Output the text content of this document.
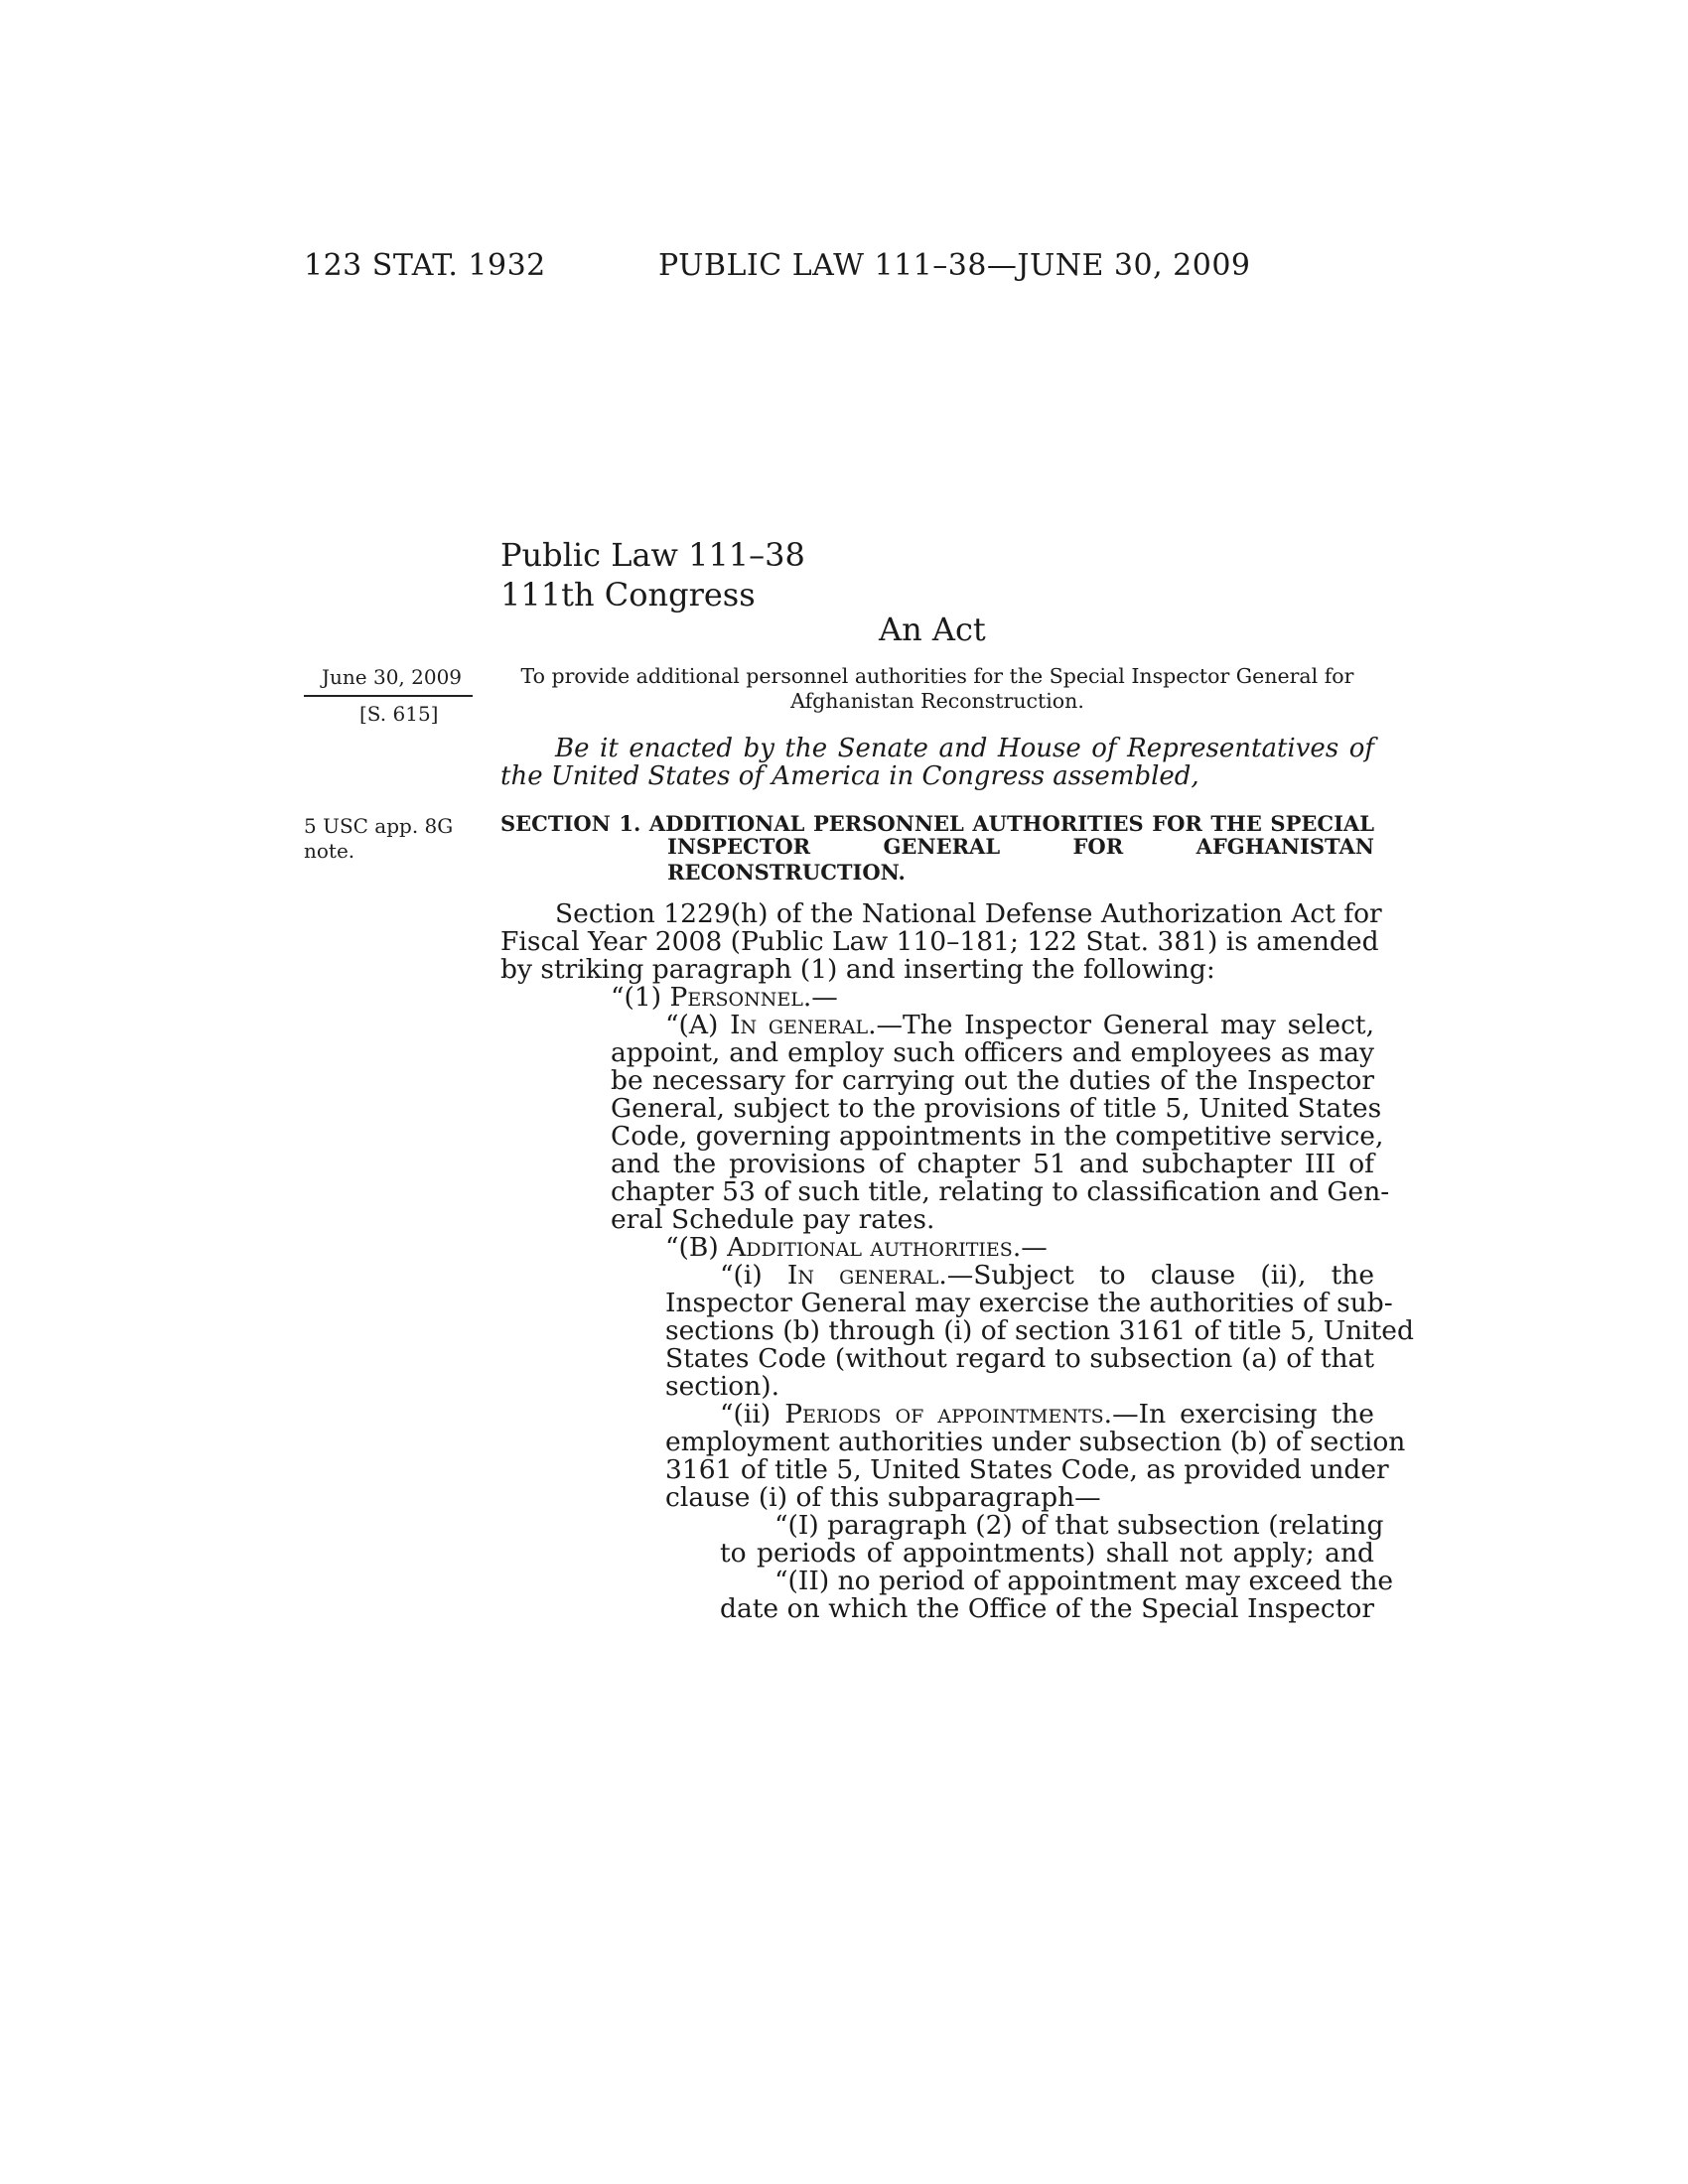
123 STAT. 1932	PUBLIC LAW 111–38—JUNE 30, 2009
Public Law 111–38
111th Congress
An Act
June 30, 2009
[S. 615]
5 USC app. 8G
note.
To provide additional personnel authorities for the Special Inspector General for Afghanistan Reconstruction.
Be it enacted by the Senate and House of Representatives of
the United States of America in Congress assembled,
SECTION 1. ADDITIONAL PERSONNEL AUTHORITIES FOR THE SPECIAL
INSPECTOR GENERAL FOR AFGHANISTAN
RECONSTRUCTION.
Section 1229(h) of the National Defense Authorization Act for
Fiscal Year 2008 (Public Law 110–181; 122 Stat. 381) is amended
by striking paragraph (1) and inserting the following:
“(1) Personnel.—
“(A) In general.—The Inspector General may select,
appoint, and employ such officers and employees as may
be necessary for carrying out the duties of the Inspector
General, subject to the provisions of title 5, United States
Code, governing appointments in the competitive service,
and the provisions of chapter 51 and subchapter III of
chapter 53 of such title, relating to classification and Gen-
eral Schedule pay rates.
“(B) Additional authorities.—
“(i) In general.—Subject to clause (ii), the
Inspector General may exercise the authorities of sub-
sections (b) through (i) of section 3161 of title 5, United
States Code (without regard to subsection (a) of that
section).
“(ii) Periods of appointments.—In exercising the
employment authorities under subsection (b) of section
3161 of title 5, United States Code, as provided under
clause (i) of this subparagraph—
“(I) paragraph (2) of that subsection (relating
to periods of appointments) shall not apply; and
“(II) no period of appointment may exceed the
date on which the Office of the Special Inspector
